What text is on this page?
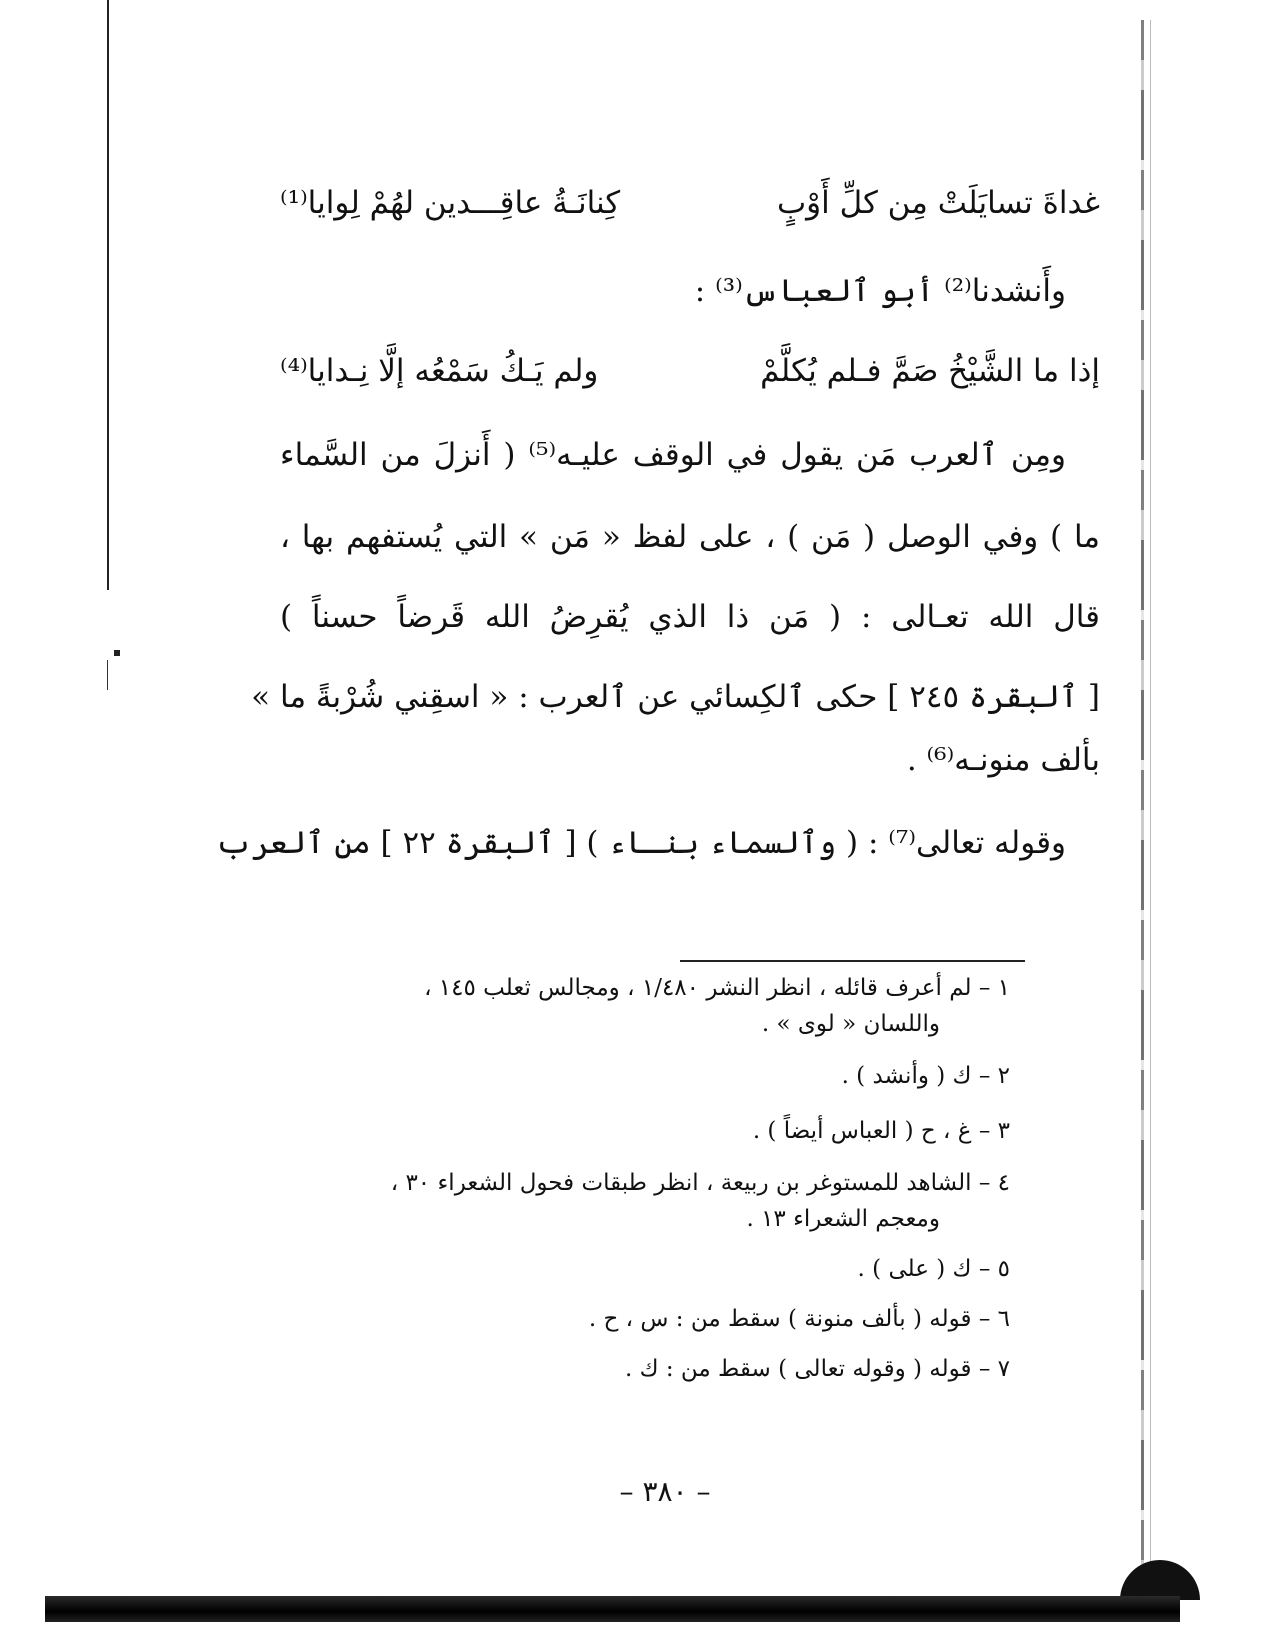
غداةَ تسايَلَتْ مِن كلِّ أَوْبٍ
كِنانَـةُ عاقِـــدين لهُمْ لِوايا⁽¹⁾
وأَنشدنا⁽²⁾ أبو ٱلعباس⁽³⁾ :
إذا ما الشَّيْخُ صَمَّ فـلم يُكلَّمْ
ولم يَـكُ سَمْعُه إلَّا نِـدايا⁽⁴⁾
ومِن ٱلعرب مَن يقول في الوقف عليـه⁽⁵⁾ ( أَنزلَ من السَّماء
ما ) وفي الوصل ( مَن ) ، على لفظ « مَن » التي يُستفهم بها ،
قال الله تعـالى : ( مَن ذا الذي يُقرِضُ الله قَرضاً حسناً )
[ ٱلبقرة ٢٤٥ ] حكى ٱلكِسائي عن ٱلعرب : « اسقِني شُرْبةً ما »
بألف منونـه⁽⁶⁾ .
وقوله تعالى⁽⁷⁾ : ( وٱلسماء بنـاء ) [ ٱلبقرة ٢٢ ] من ٱلعرب
١ – لم أعرف قائله ، انظر النشر ١/٤٨٠ ، ومجالس ثعلب ١٤٥ ،
واللسان « لوى » .
٢ – ك ( وأنشد ) .
٣ – غ ، ح ( العباس أيضاً ) .
٤ – الشاهد للمستوغر بن ربيعة ، انظر طبقات فحول الشعراء ٣٠ ،
ومعجم الشعراء ١٣ .
٥ – ك ( على ) .
٦ – قوله ( بألف منونة ) سقط من : س ، ح .
٧ – قوله ( وقوله تعالى ) سقط من : ك .
– ٣٨٠ –
